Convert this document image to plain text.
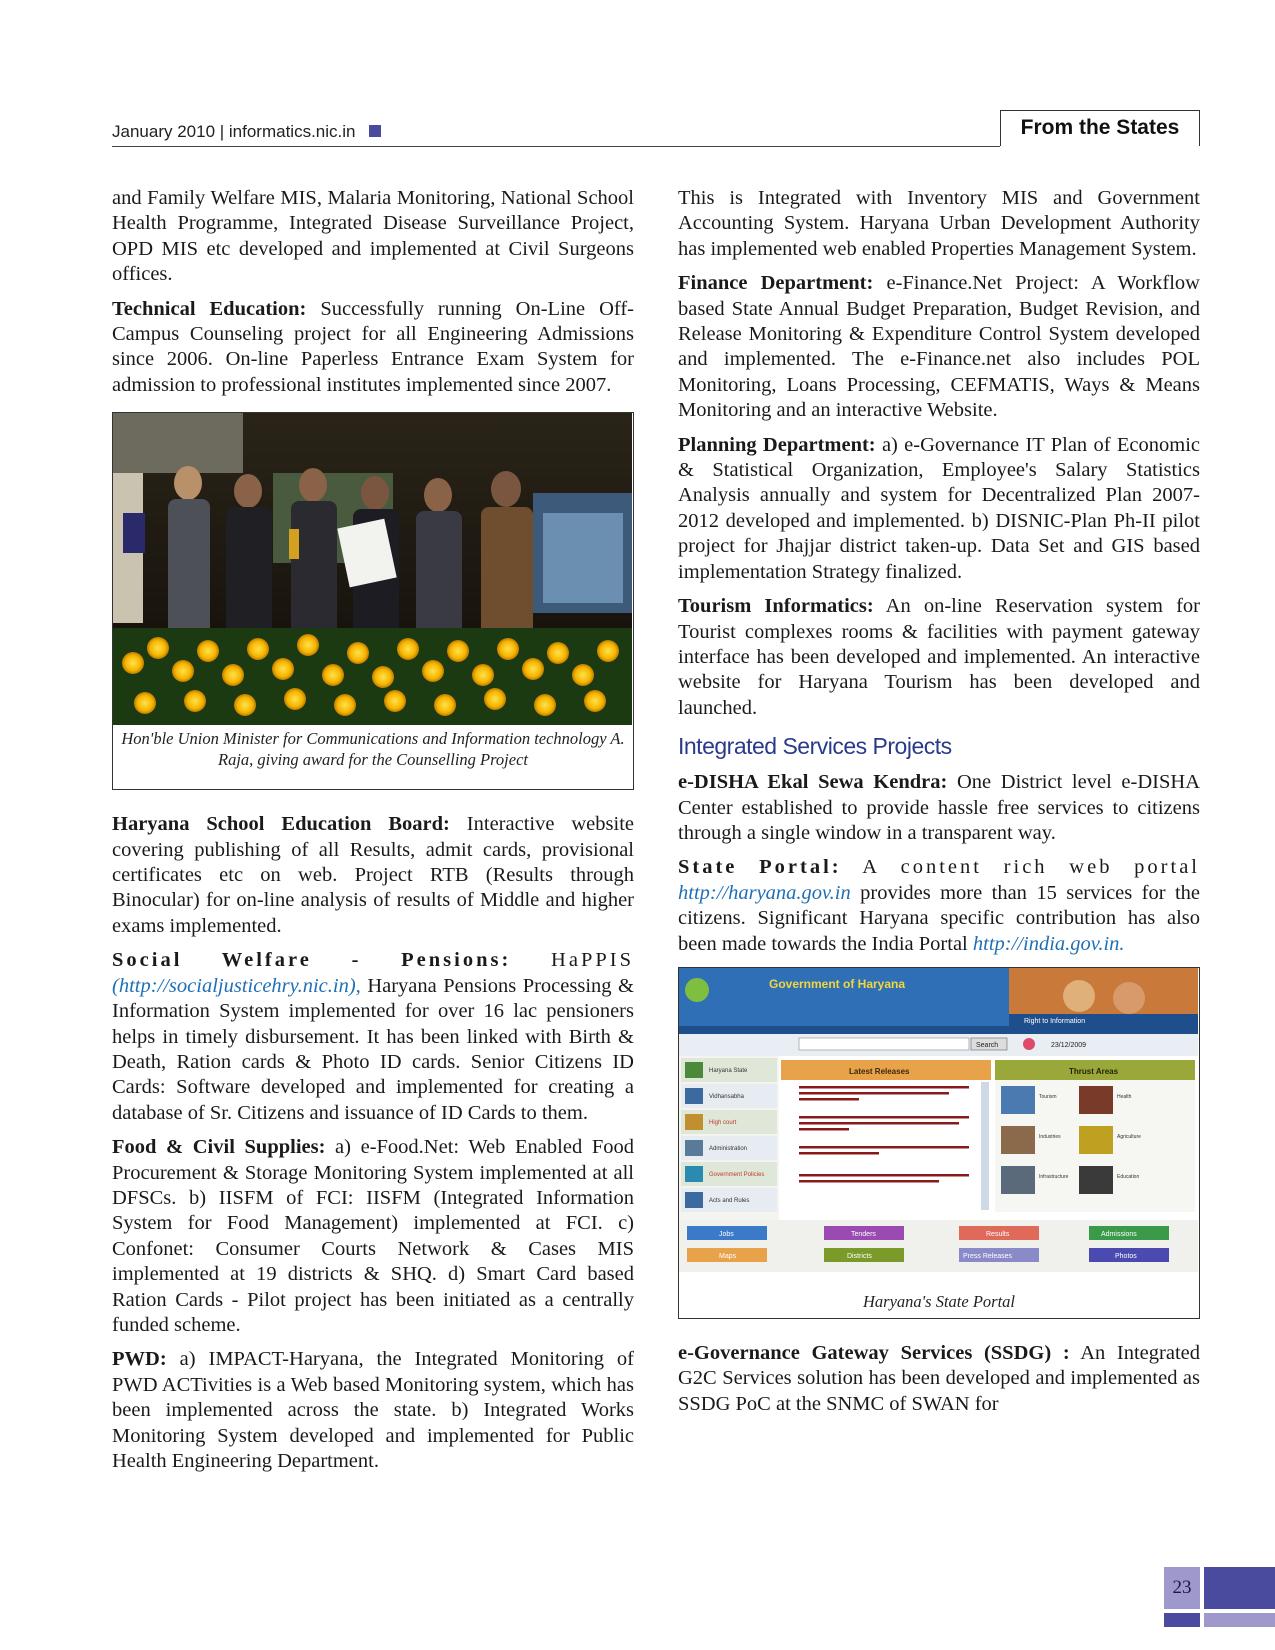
January 2010 | informatics.nic.in	From the States

and Family Welfare MIS, Malaria Monitoring, National School Health Programme, Integrated Disease Surveillance Project, OPD MIS etc developed and implemented at Civil Surgeons offices.

Technical Education: Successfully running On-Line Off-Campus Counseling project for all Engineering Admissions since 2006. On-line Paperless Entrance Exam System for admission to professional institutes implemented since 2007.

Hon'ble Union Minister for Communications and Information technology A. Raja, giving award for the Counselling Project

Haryana School Education Board: Interactive website covering publishing of all Results, admit cards, provisional certificates etc on web. Project RTB (Results through Binocular) for on-line analysis of results of Middle and higher exams implemented.

Social Welfare - Pensions: HaPPIS (http://socialjusticehry.nic.in), Haryana Pensions Processing & Information System implemented for over 16 lac pensioners helps in timely disbursement. It has been linked with Birth & Death, Ration cards & Photo ID cards. Senior Citizens ID Cards: Software developed and implemented for creating a database of Sr. Citizens and issuance of ID Cards to them.

Food & Civil Supplies: a) e-Food.Net: Web Enabled Food Procurement & Storage Monitoring System implemented at all DFSCs. b) IISFM of FCI: IISFM (Integrated Information System for Food Management) implemented at FCI. c) Confonet: Consumer Courts Network & Cases MIS implemented at 19 districts & SHQ. d) Smart Card based Ration Cards - Pilot project has been initiated as a centrally funded scheme.

PWD: a) IMPACT-Haryana, the Integrated Monitoring of PWD ACTivities is a Web based Monitoring system, which has been implemented across the state. b) Integrated Works Monitoring System developed and implemented for Public Health Engineering Department.

This is Integrated with Inventory MIS and Government Accounting System. Haryana Urban Development Authority has implemented web enabled Properties Management System.

Finance Department: e-Finance.Net Project: A Workflow based State Annual Budget Preparation, Budget Revision, and Release Monitoring & Expenditure Control System developed and implemented. The e-Finance.net also includes POL Monitoring, Loans Processing, CEFMATIS, Ways & Means Monitoring and an interactive Website.

Planning Department: a) e-Governance IT Plan of Economic & Statistical Organization, Employee's Salary Statistics Analysis annually and system for Decentralized Plan 2007-2012 developed and implemented. b) DISNIC-Plan Ph-II pilot project for Jhajjar district taken-up. Data Set and GIS based implementation Strategy finalized.

Tourism Informatics: An on-line Reservation system for Tourist complexes rooms & facilities with payment gateway interface has been developed and implemented. An interactive website for Haryana Tourism has been developed and launched.

Integrated Services Projects

e-DISHA Ekal Sewa Kendra: One District level e-DISHA Center established to provide hassle free services to citizens through a single window in a transparent way.

State Portal: A content rich web portal http://haryana.gov.in provides more than 15 services for the citizens. Significant Haryana specific contribution has also been made towards the India Portal http://india.gov.in.

Government of Haryana
Right to Information
Search	23/12/2009
Haryana State
Vidhansabha
High court
Administration
Government Policies
Acts and Rules
Latest Releases	Thrust Areas
Tourism	Health
Industries	Agriculture
Infrastructure	Education
Jobs	Tenders	Results	Admissions
Maps	Districts	Press Releases	Photos
Haryana's State Portal

e-Governance Gateway Services (SSDG) : An Integrated G2C Services solution has been developed and implemented as SSDG PoC at the SNMC of SWAN for

23
